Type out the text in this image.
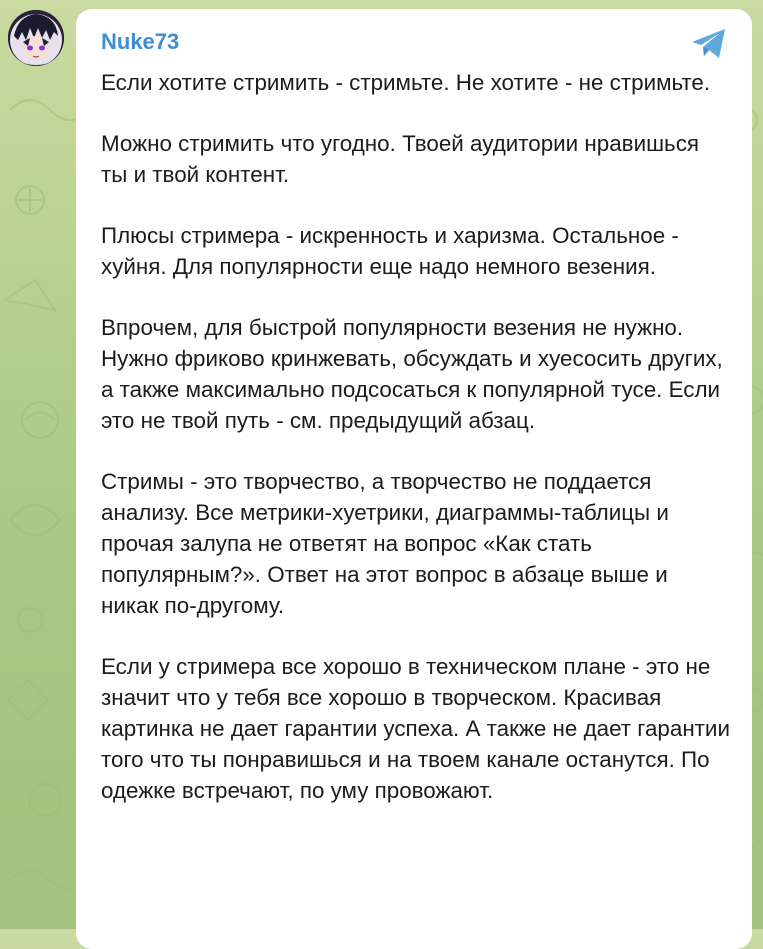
Nuke73

Если хотите стримить - стримьте. Не хотите - не стримьте.

Можно стримить что угодно. Твоей аудитории нравишься ты и твой контент.

Плюсы стримера - искренность и харизма. Остальное - хуйня. Для популярности еще надо немного везения.

Впрочем, для быстрой популярности везения не нужно. Нужно фриково кринжевать, обсуждать и хуесосить других, а также максимально подсосаться к популярной тусе. Если это не твой путь - см. предыдущий абзац.

Стримы - это творчество, а творчество не поддается анализу. Все метрики-хуетрики, диаграммы-таблицы и прочая залупа не ответят на вопрос «Как стать популярным?». Ответ на этот вопрос в абзаце выше и никак по-другому.

Если у стримера все хорошо в техническом плане - это не значит что у тебя все хорошо в творческом. Красивая картинка не дает гарантии успеха. А также не дает гарантии того что ты понравишься и на твоем канале останутся. По одежке встречают, по уму провожают.
